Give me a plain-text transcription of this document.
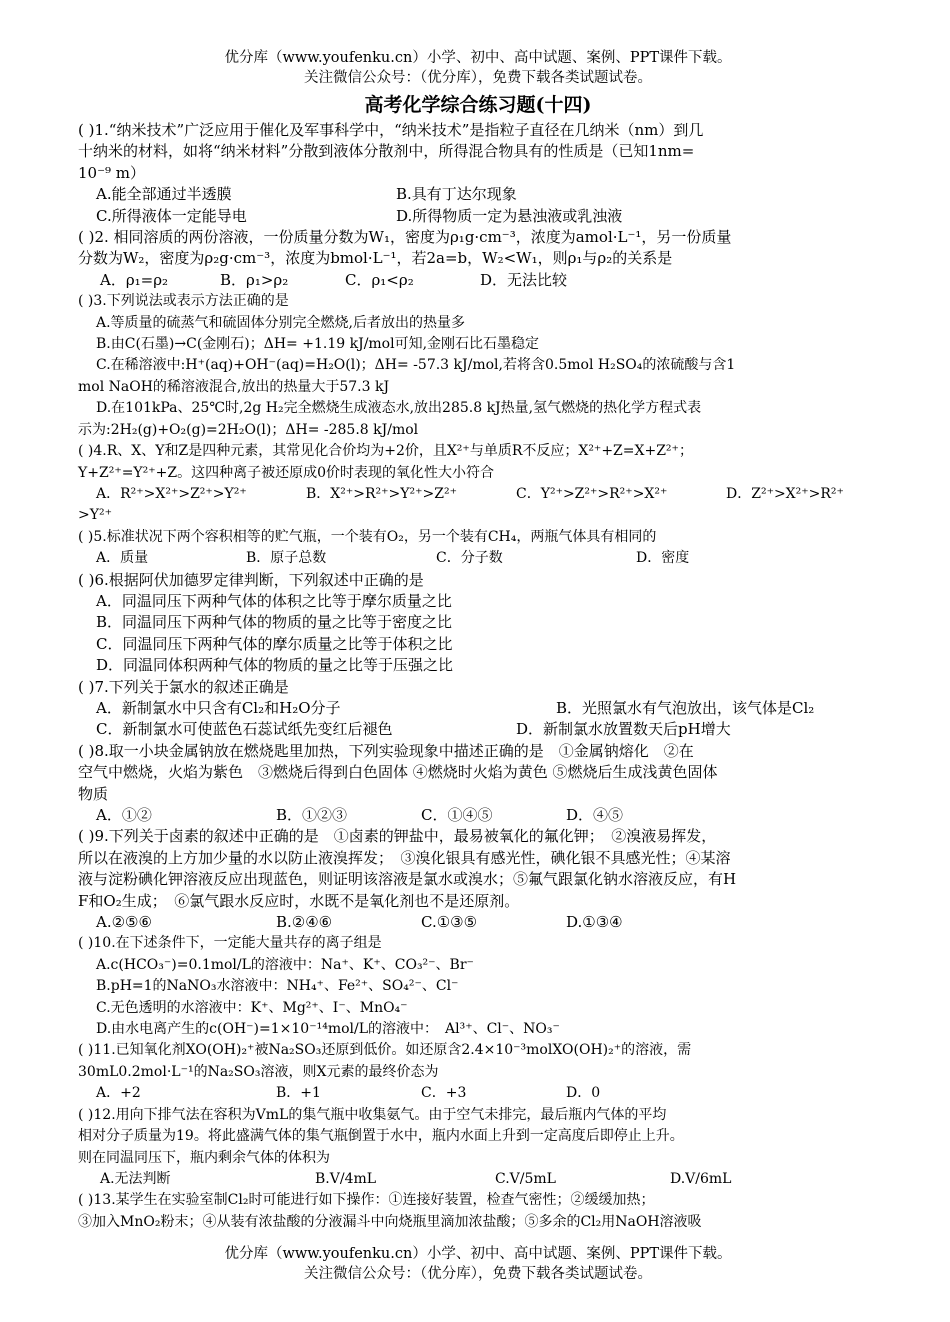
优分库（www.youfenku.cn）小学、初中、高中试题、案例、PPT课件下载。
关注微信公众号：（优分库），免费下载各类试题试卷。
高考化学综合练习题(十四)
( )1.“纳米技术”广泛应用于催化及军事科学中，“纳米技术”是指粒子直径在几纳米（nm）到几
十纳米的材料，如将“纳米材料”分散到液体分散剂中，所得混合物具有的性质是（已知1nm=
10⁻⁹ m）
A.能全部通过半透膜	B.具有丁达尔现象
C.所得液体一定能导电	D.所得物质一定为悬浊液或乳浊液
( )2. 相同溶质的两份溶液，一份质量分数为W₁，密度为ρ₁g·cm⁻³，浓度为amol·L⁻¹，另一份质量
分数为W₂，密度为ρ₂g·cm⁻³，浓度为bmol·L⁻¹，若2a=b，W₂<W₁，则ρ₁与ρ₂的关系是
A．ρ₁=ρ₂	B．ρ₁>ρ₂	C．ρ₁<ρ₂	D．无法比较
( )3.下列说法或表示方法正确的是
A.等质量的硫蒸气和硫固体分别完全燃烧,后者放出的热量多
B.由C(石墨)→C(金刚石)；ΔH= +1.19 kJ/mol可知,金刚石比石墨稳定
C.在稀溶液中:H⁺(aq)+OH⁻(aq)=H₂O(l)；ΔH= -57.3 kJ/mol,若将含0.5mol H₂SO₄的浓硫酸与含1
mol NaOH的稀溶液混合,放出的热量大于57.3 kJ
D.在101kPa、25℃时,2g H₂完全燃烧生成液态水,放出285.8 kJ热量,氢气燃烧的热化学方程式表
示为:2H₂(g)+O₂(g)=2H₂O(l)；ΔH= -285.8 kJ/mol
( )4.R、X、Y和Z是四种元素，其常见化合价均为+2价，且X²⁺与单质R不反应；X²⁺+Z=X+Z²⁺；
Y+Z²⁺=Y²⁺+Z。这四种离子被还原成0价时表现的氧化性大小符合
A．R²⁺>X²⁺>Z²⁺>Y²⁺	B．X²⁺>R²⁺>Y²⁺>Z²⁺	C．Y²⁺>Z²⁺>R²⁺>X²⁺	D．Z²⁺>X²⁺>R²⁺
>Y²⁺
( )5.标准状况下两个容积相等的贮气瓶，一个装有O₂，另一个装有CH₄，两瓶气体具有相同的
A．质量	B．原子总数	C．分子数	D．密度
( )6.根据阿伏加德罗定律判断，下列叙述中正确的是
A．同温同压下两种气体的体积之比等于摩尔质量之比
B．同温同压下两种气体的物质的量之比等于密度之比
C．同温同压下两种气体的摩尔质量之比等于体积之比
D．同温同体积两种气体的物质的量之比等于压强之比
( )7.下列关于氯水的叙述正确是
A．新制氯水中只含有Cl₂和H₂O分子	B．光照氯水有气泡放出，该气体是Cl₂
C．新制氯水可使蓝色石蕊试纸先变红后褪色	D．新制氯水放置数天后pH增大
( )8.取一小块金属钠放在燃烧匙里加热，下列实验现象中描述正确的是　①金属钠熔化　②在
空气中燃烧，火焰为紫色　③燃烧后得到白色固体 ④燃烧时火焰为黄色 ⑤燃烧后生成浅黄色固体
物质
A．①②	B．①②③	C．①④⑤	D．④⑤
( )9.下列关于卤素的叙述中正确的是　①卤素的钾盐中，最易被氧化的氟化钾；　②溴液易挥发，
所以在液溴的上方加少量的水以防止液溴挥发；　③溴化银具有感光性，碘化银不具感光性；④某溶
液与淀粉碘化钾溶液反应出现蓝色，则证明该溶液是氯水或溴水；⑤氟气跟氯化钠水溶液反应，有H
F和O₂生成；　⑥氯气跟水反应时，水既不是氧化剂也不是还原剂。
A.②⑤⑥	B.②④⑥	C.①③⑤	D.①③④
( )10.在下述条件下，一定能大量共存的离子组是
A.c(HCO₃⁻)=0.1mol/L的溶液中：Na⁺、K⁺、CO₃²⁻、Br⁻
B.pH=1的NaNO₃水溶液中：NH₄⁺、Fe²⁺、SO₄²⁻、Cl⁻
C.无色透明的水溶液中：K⁺、Mg²⁺、I⁻、MnO₄⁻
D.由水电离产生的c(OH⁻)=1×10⁻¹⁴mol/L的溶液中：　Al³⁺、Cl⁻、NO₃⁻
( )11.已知氧化剂XO(OH)₂⁺被Na₂SO₃还原到低价。如还原含2.4×10⁻³molXO(OH)₂⁺的溶液，需
30mL0.2mol·L⁻¹的Na₂SO₃溶液，则X元素的最终价态为
A．+2	B．+1	C．+3	D．0
( )12.用向下排气法在容积为VmL的集气瓶中收集氨气。由于空气未排完，最后瓶内气体的平均
相对分子质量为19。将此盛满气体的集气瓶倒置于水中，瓶内水面上升到一定高度后即停止上升。
则在同温同压下，瓶内剩余气体的体积为
A.无法判断	B.V/4mL	C.V/5mL	D.V/6mL
( )13.某学生在实验室制Cl₂时可能进行如下操作：①连接好装置，检查气密性；②缓缓加热；
③加入MnO₂粉末；④从装有浓盐酸的分液漏斗中向烧瓶里滴加浓盐酸；⑤多余的Cl₂用NaOH溶液吸
优分库（www.youfenku.cn）小学、初中、高中试题、案例、PPT课件下载。
关注微信公众号：（优分库），免费下载各类试题试卷。
